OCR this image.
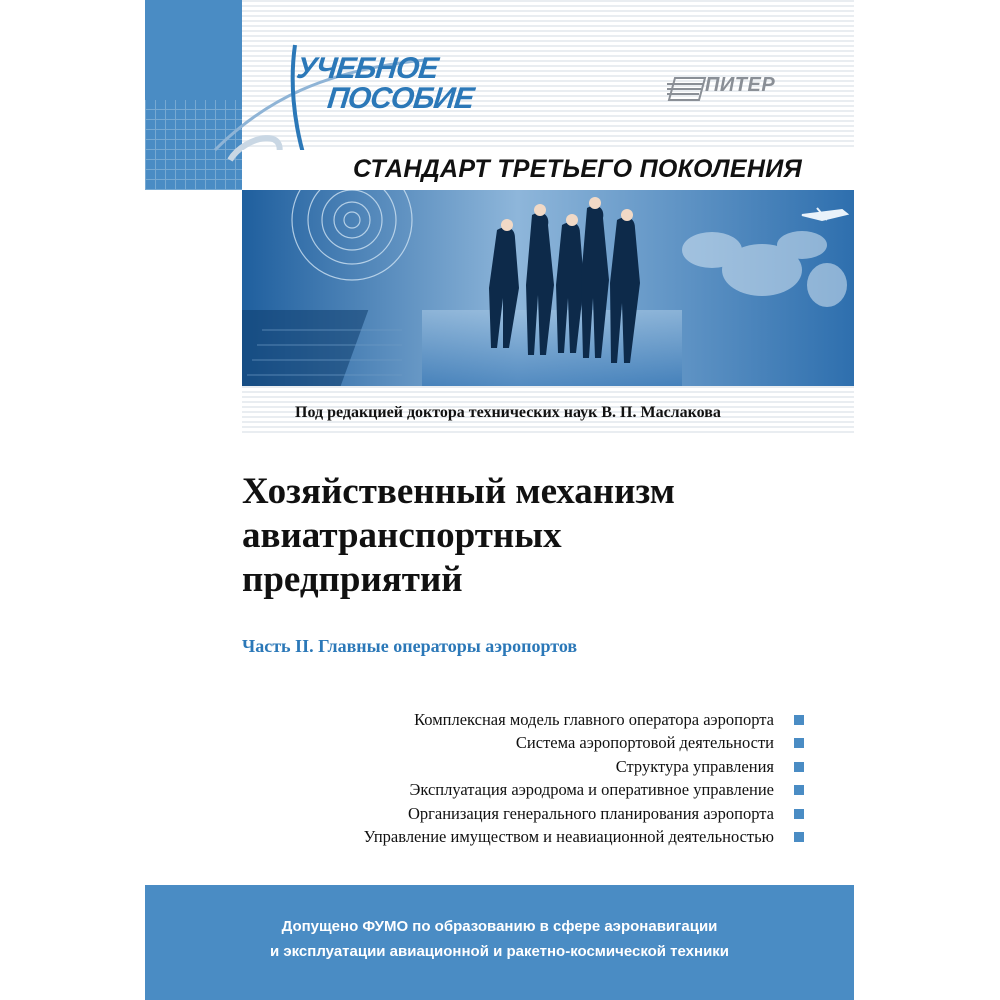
УЧЕБНОЕ
ПОСОБИЕ	ПИТЕР
СТАНДАРТ ТРЕТЬЕГО ПОКОЛЕНИЯ
Под редакцией доктора технических наук В. П. Маслакова
Хозяйственный механизм
авиатранспортных
предприятий
Часть II. Главные операторы аэропортов
Комплексная модель главного оператора аэропорта
Система аэропортовой деятельности
Структура управления
Эксплуатация аэродрома и оперативное управление
Организация генерального планирования аэропорта
Управление имуществом и неавиационной деятельностью
Допущено ФУМО по образованию в сфере аэронавигации
и эксплуатации авиационной и ракетно-космической техники
